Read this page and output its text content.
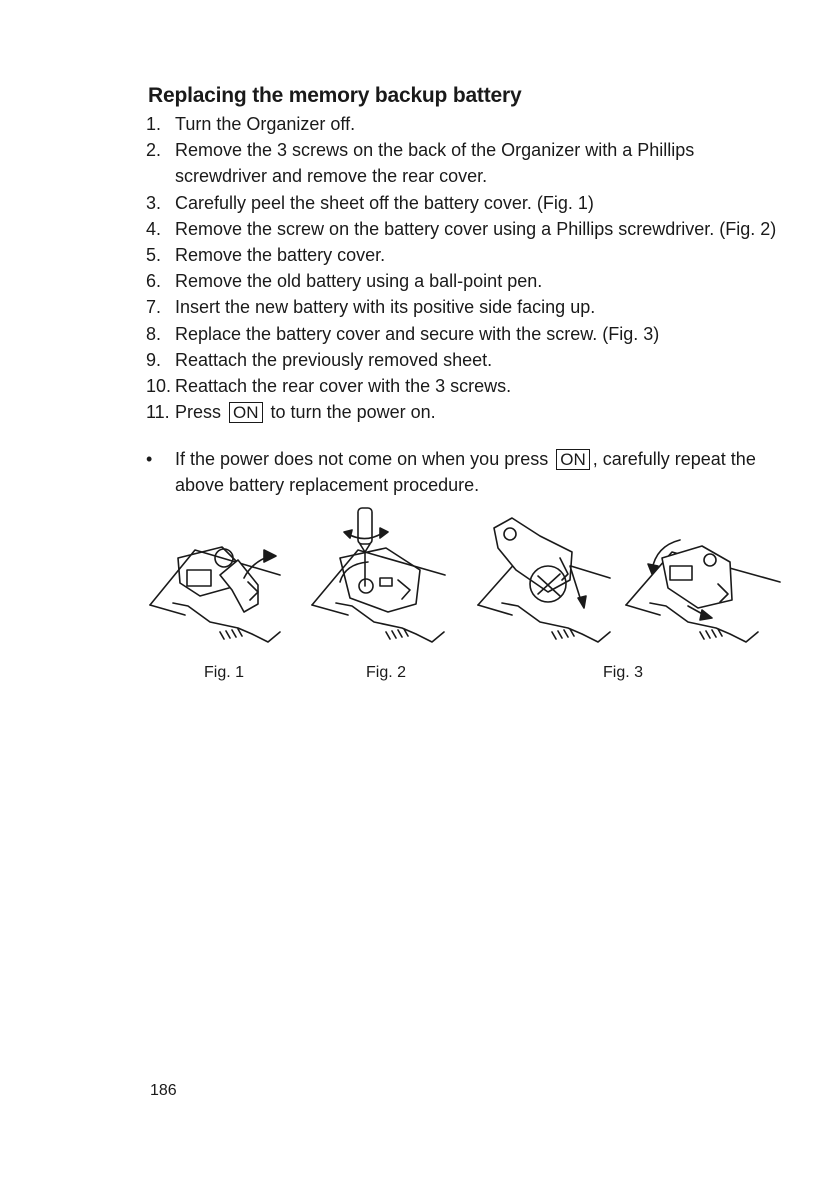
Replacing the memory backup battery
1. Turn the Organizer off.
2. Remove the 3 screws on the back of the Organizer with a Phillips screwdriver and remove the rear cover.
3. Carefully peel the sheet off the battery cover. (Fig. 1)
4. Remove the screw on the battery cover using a Phillips screwdriver. (Fig. 2)
5. Remove the battery cover.
6. Remove the old battery using a ball-point pen.
7. Insert the new battery with its positive side facing up.
8. Replace the battery cover and secure with the screw. (Fig. 3)
9. Reattach the previously removed sheet.
10. Reattach the rear cover with the 3 screws.
11. Press ON to turn the power on.
•	If the power does not come on when you press ON , carefully repeat the above battery replacement procedure.
Fig. 1	Fig. 2	Fig. 3
186
